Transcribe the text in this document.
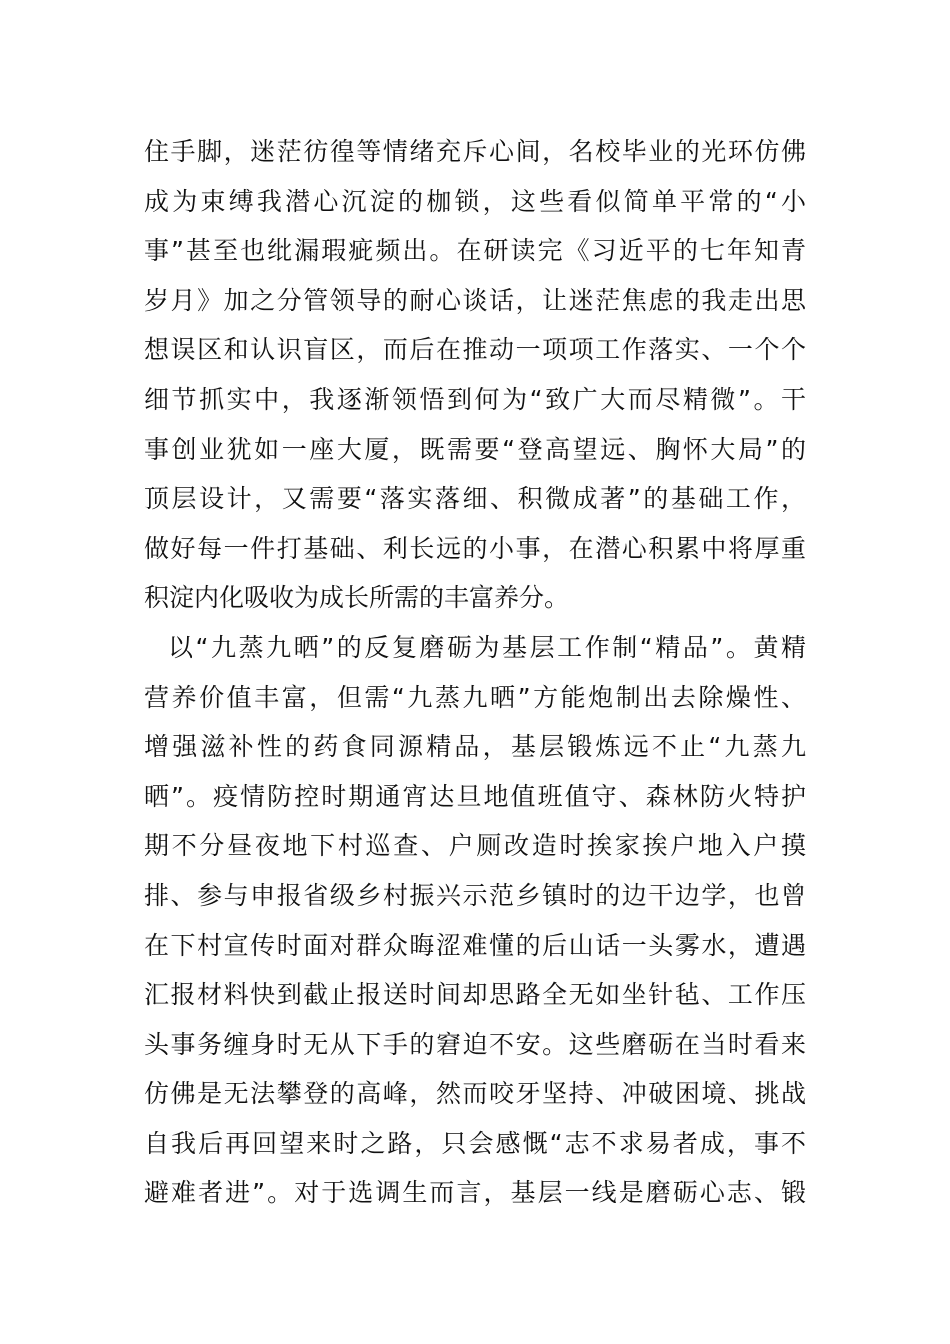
住手脚，迷茫彷徨等情绪充斥心间，名校毕业的光环仿佛
成为束缚我潜心沉淀的枷锁，这些看似简单平常的“小
事”甚至也纰漏瑕疵频出。在研读完《习近平的七年知青
岁月》加之分管领导的耐心谈话，让迷茫焦虑的我走出思
想误区和认识盲区，而后在推动一项项工作落实、一个个
细节抓实中，我逐渐领悟到何为“致广大而尽精微”。干
事创业犹如一座大厦，既需要“登高望远、胸怀大局”的
顶层设计，又需要“落实落细、积微成著”的基础工作，
做好每一件打基础、利长远的小事，在潜心积累中将厚重
积淀内化吸收为成长所需的丰富养分。
以“九蒸九晒”的反复磨砺为基层工作制“精品”。黄精
营养价值丰富，但需“九蒸九晒”方能炮制出去除燥性、
增强滋补性的药食同源精品，基层锻炼远不止“九蒸九
晒”。疫情防控时期通宵达旦地值班值守、森林防火特护
期不分昼夜地下村巡查、户厕改造时挨家挨户地入户摸
排、参与申报省级乡村振兴示范乡镇时的边干边学，也曾
在下村宣传时面对群众晦涩难懂的后山话一头雾水，遭遇
汇报材料快到截止报送时间却思路全无如坐针毡、工作压
头事务缠身时无从下手的窘迫不安。这些磨砺在当时看来
仿佛是无法攀登的高峰，然而咬牙坚持、冲破困境、挑战
自我后再回望来时之路，只会感慨“志不求易者成，事不
避难者进”。对于选调生而言，基层一线是磨砺心志、锻
